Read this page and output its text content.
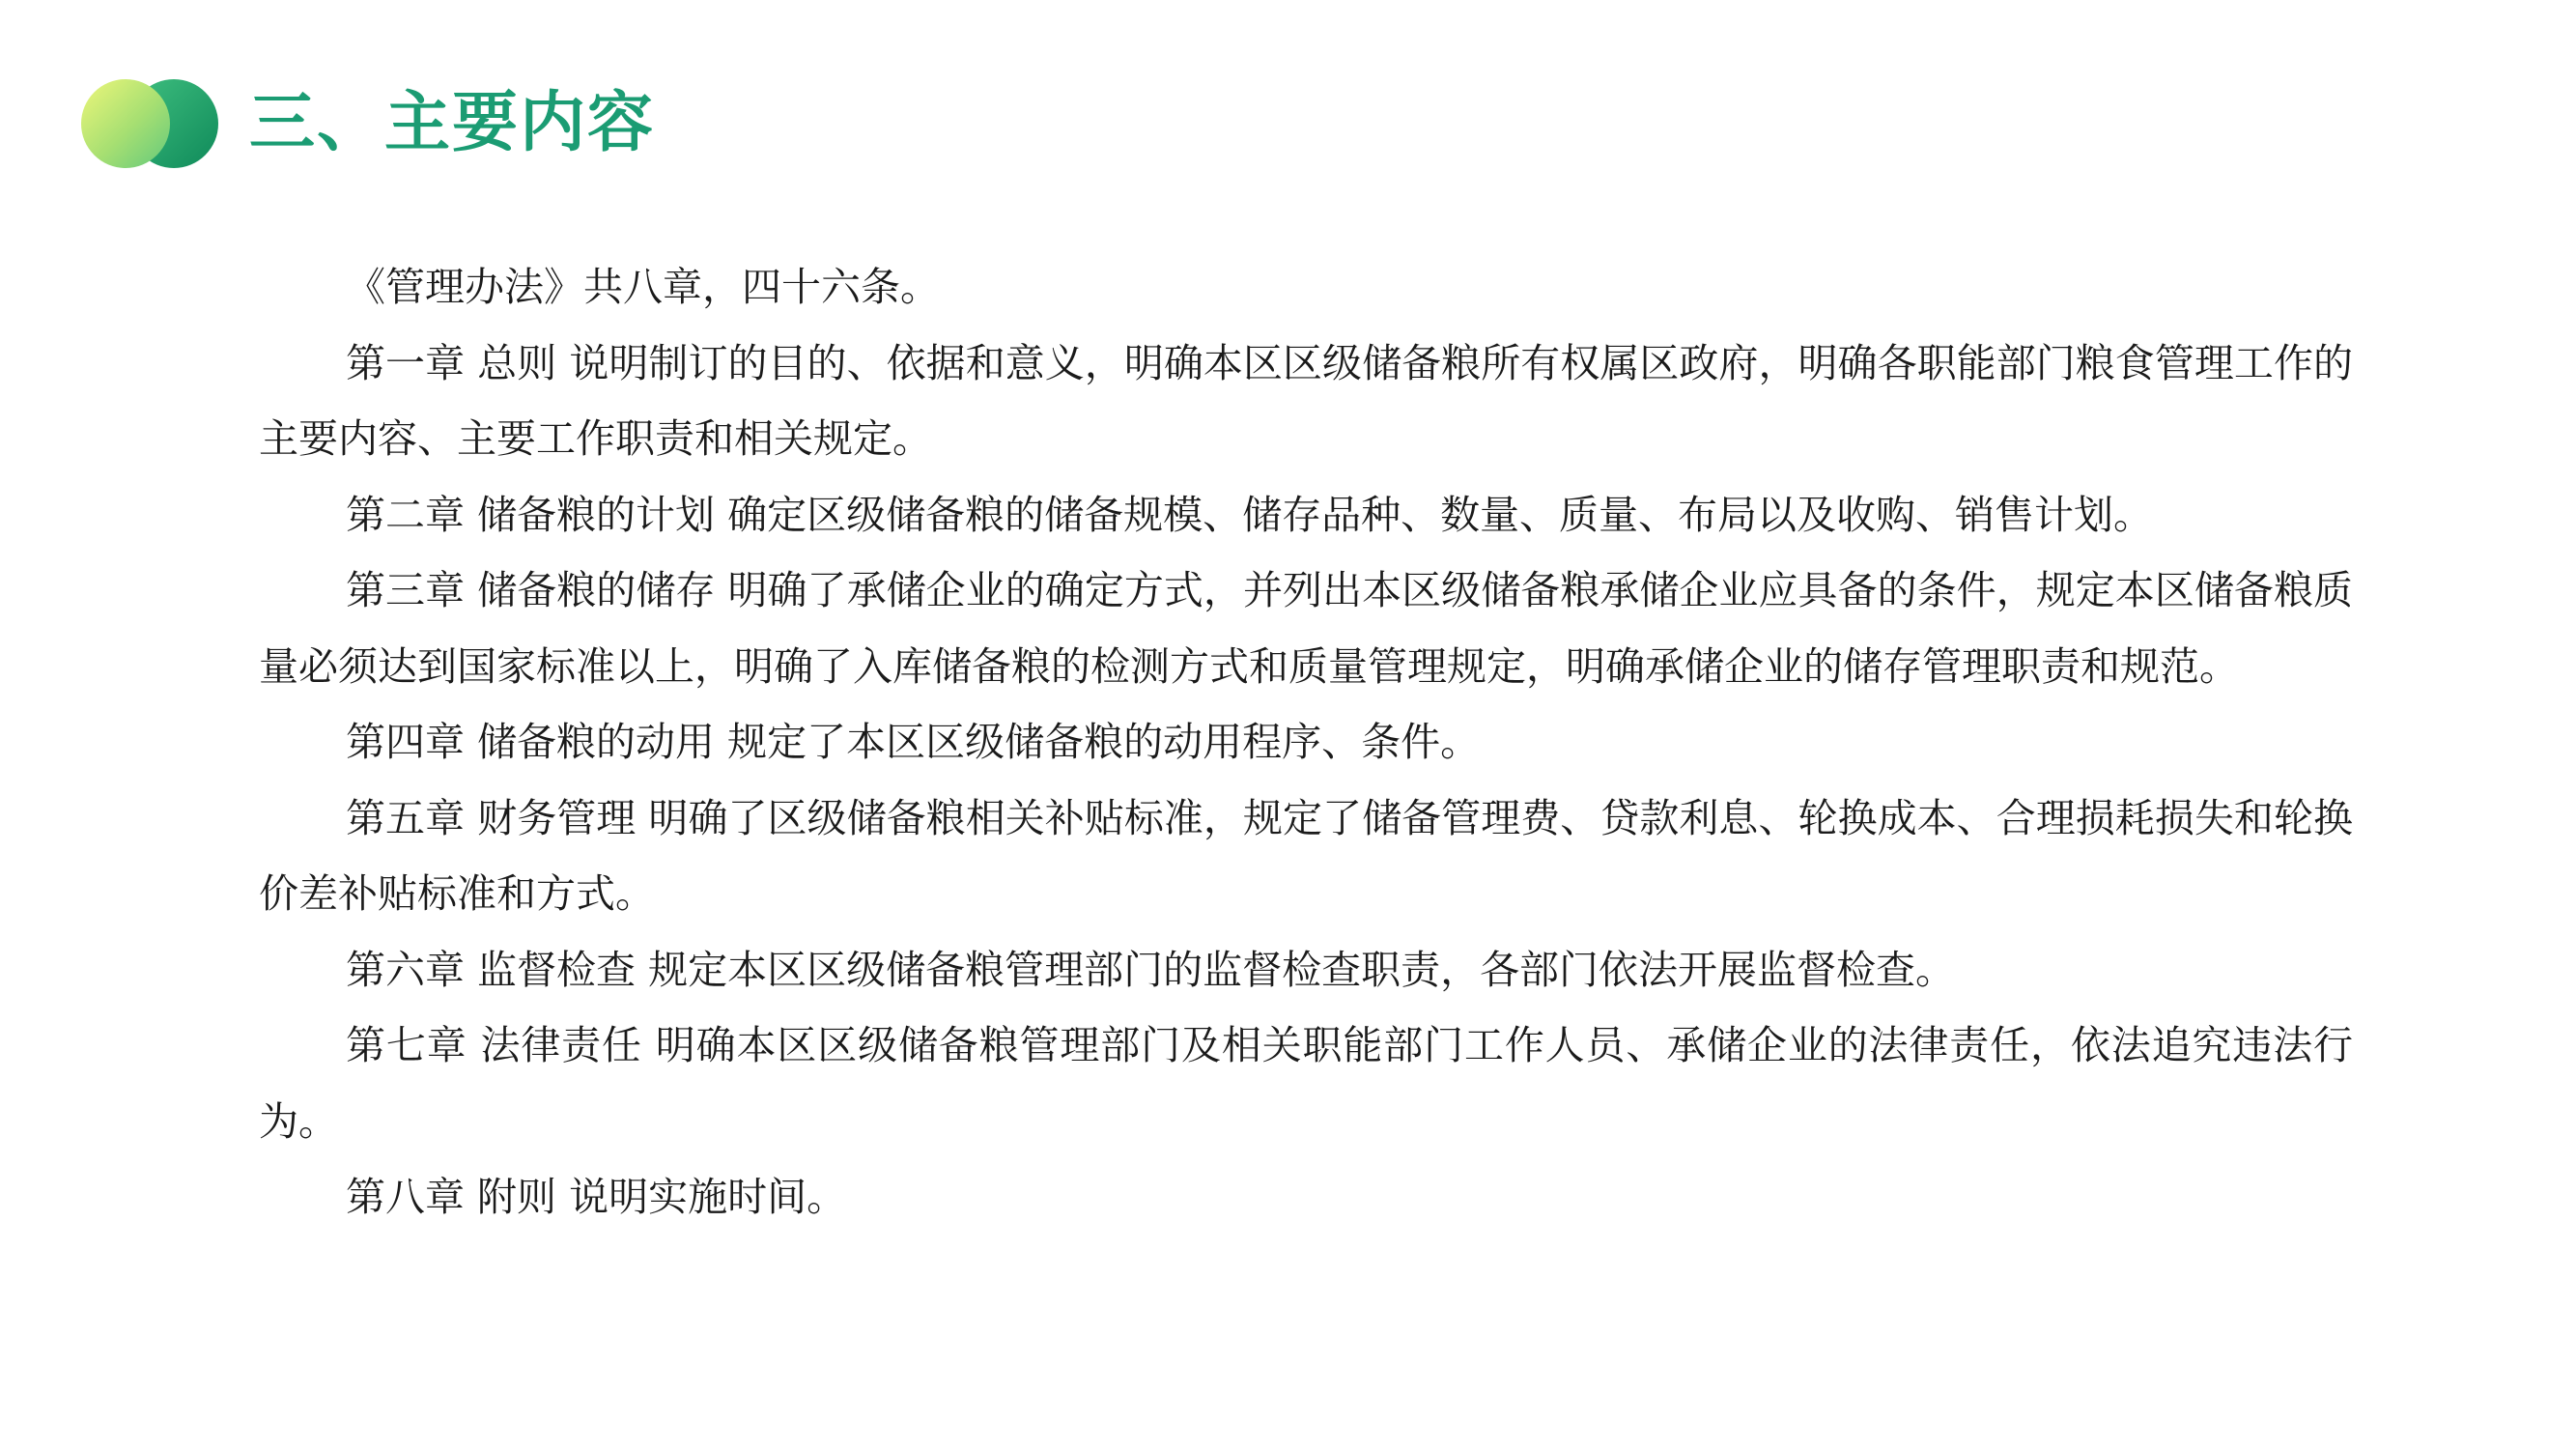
三、主要内容

《管理办法》共八章，四十六条。

第一章 总则 说明制订的目的、依据和意义，明确本区区级储备粮所有权属区政府，明确各职能部门粮食管理工作的主要内容、主要工作职责和相关规定。

第二章 储备粮的计划 确定区级储备粮的储备规模、储存品种、数量、质量、布局以及收购、销售计划。

第三章 储备粮的储存 明确了承储企业的确定方式，并列出本区级储备粮承储企业应具备的条件，规定本区储备粮质量必须达到国家标准以上，明确了入库储备粮的检测方式和质量管理规定，明确承储企业的储存管理职责和规范。

第四章 储备粮的动用 规定了本区区级储备粮的动用程序、条件。

第五章 财务管理 明确了区级储备粮相关补贴标准，规定了储备管理费、贷款利息、轮换成本、合理损耗损失和轮换价差补贴标准和方式。

第六章 监督检查 规定本区区级储备粮管理部门的监督检查职责，各部门依法开展监督检查。

第七章 法律责任 明确本区区级储备粮管理部门及相关职能部门工作人员、承储企业的法律责任，依法追究违法行为。

第八章 附则 说明实施时间。
